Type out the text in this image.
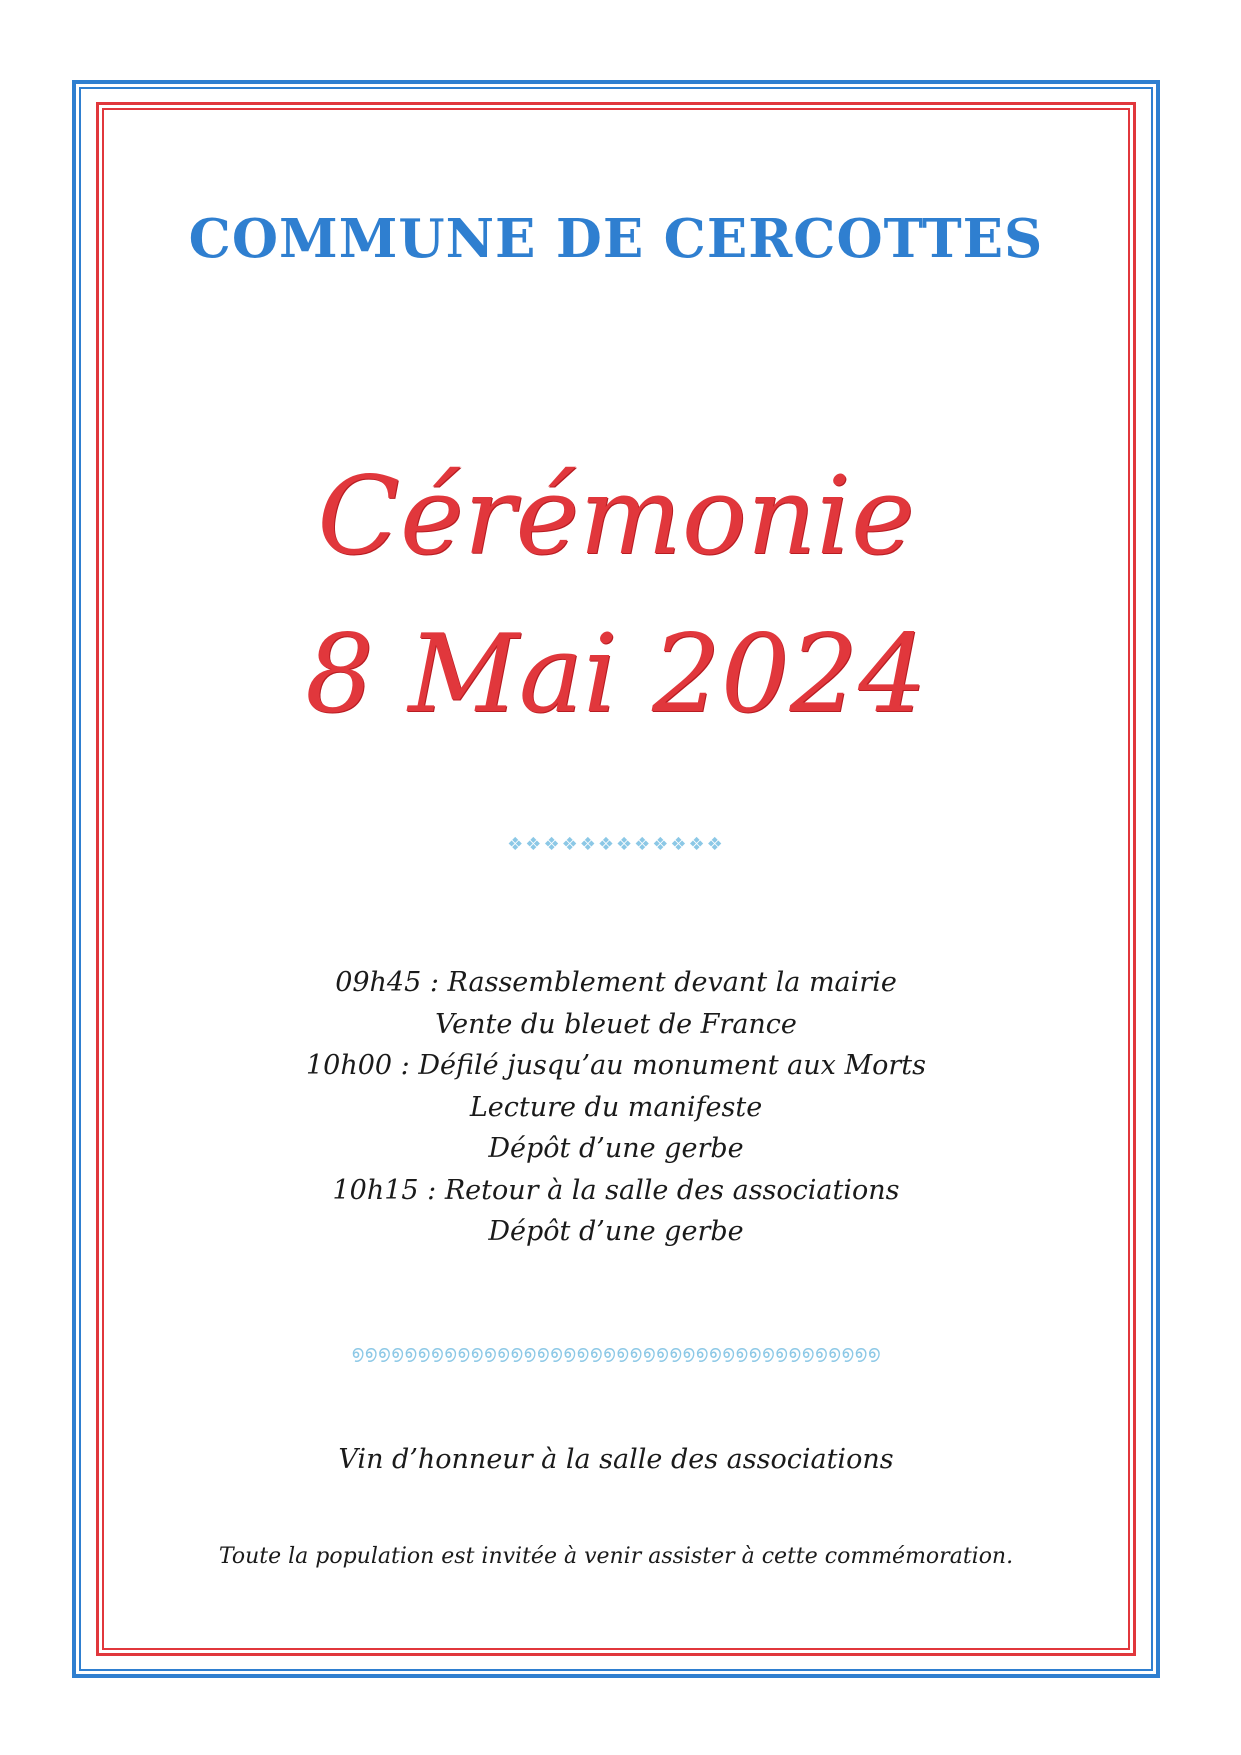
COMMUNE DE CERCOTTES
Cérémonie
8 Mai 2024
❖❖❖❖❖❖❖❖❖❖❖❖
09h45 : Rassemblement devant la mairie
Vente du bleuet de France
10h00 : Défilé jusqu’au monument aux Morts
Lecture du manifeste
Dépôt d’une gerbe
10h15 : Retour à la salle des associations
Dépôt d’une gerbe
൭൭൭൭൭൭൭൭൭൭൭൭൭൭൭൭൭൭൭൭൭൭൭൭൭൭൭൭൭൭൭൭൭൭൭൭൭൭൭൭
Vin d’honneur à la salle des associations
Toute la population est invitée à venir assister à cette commémoration.
